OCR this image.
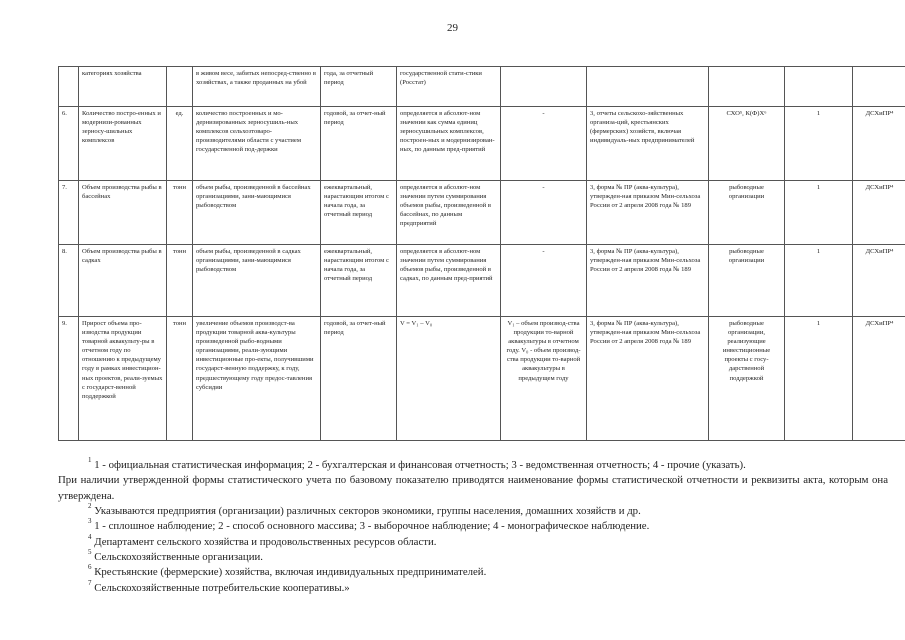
29
	категориях хозяйства		в живом весе, забитых непосред-ственно в хозяйствах, а также проданных на убой	года, за отчетный период	государственной стати-стики (Росстат)					
6.	Количество постро-енных и модернизи-рованных зерносу-шильных комплексов	ед.	количество построенных и мо-дернизированных зерносушиль-ных комплексов сельхозтоваро-производителями области с участием государственной под-держки	годовой, за отчет-ный период	определяется в абсолют-ном значении как сумма единиц зерносушильных комплексов, построен-ных и модернизирован-ных, по данным пред-приятий	-	3, отчеты сельскохо-зяйственных организа-ций, крестьянских (фермерских) хозяйств, включая индивидуаль-ных предпринимателей	СХО⁵, К(Ф)Х⁶	1	ДСХиПР⁴
7.	Объем производства рыбы в бассейнах	тонн	объем рыбы, произведенной в бассейнах организациями, зани-мающимися рыбоводством	ежеквартальный, нарастающим итогом с начала года, за отчетный период	определяется в абсолют-ном значении путем суммирования объемов рыбы, произведенной в бассейнах, по данным предприятий	-	3, форма № ПР (аква-культура), утвержден-ная приказом Мин-сельхоза России от 2 апреля 2008 года № 189	рыбоводные организации	1	ДСХиПР⁴
8.	Объем производства рыбы в садках	тонн	объем рыбы, произведенной в садках организациями, зани-мающимися рыбоводством	ежеквартальный, нарастающим итогом с начала года, за отчетный период	определяется в абсолют-ном значении путем суммирования объемов рыбы, произведенной в садках, по данным пред-приятий	-	3, форма № ПР (аква-культура), утвержден-ная приказом Мин-сельхоза России от 2 апреля 2008 года № 189	рыбоводные организации	1	ДСХиПР⁴
9.	Прирост объема про-изводства продукции товарной аквакульту-ры в отчетном году по отношению к предыдущему году в рамках инвестицион-ных проектов, реали-зуемых с государст-венной поддержкой	тонн	увеличение объемов производст-ва продукции товарной аква-культуры произведенной рыбо-водными организациями, реали-зующими инвестиционные про-екты, получившими государст-венную поддержку, к году, предшествующему году предос-тавления субсидии	годовой, за отчет-ный период	V = V₁ – V₀	V₁ – объем производ-ства продукции то-варной аквакультуры в отчетном году. V₀ - объем производ-ства продукции то-варной аквакультуры в предыдущем году	3, форма № ПР (аква-культура), утвержден-ная приказом Мин-сельхоза России от 2 апреля 2008 года № 189	рыбоводные организации, реализующие инвестиционные проекты с госу-дарственной поддержкой	1	ДСХиПР⁴

$^1$ 1 - официальная статистическая информация; 2 - бухгалтерская и финансовая отчетность; 3 - ведомственная отчетность; 4 - прочие (указать).

При наличии утвержденной формы статистического учета по базовому показателю приводятся наименование формы статистической отчетности и реквизиты акта, которым она утверждена.

$^2$ Указываются предприятия (организации) различных секторов экономики, группы населения, домашних хозяйств и др.

$^3$ 1 - сплошное наблюдение; 2 - способ основного массива; 3 - выборочное наблюдение; 4 - монографическое наблюдение.

$^4$ Департамент сельского хозяйства и продовольственных ресурсов области.

$^5$ Сельскохозяйственные организации.

$^6$ Крестьянские (фермерские) хозяйства, включая индивидуальных предпринимателей.

$^7$ Сельскохозяйственные потребительские кооперативы.»
